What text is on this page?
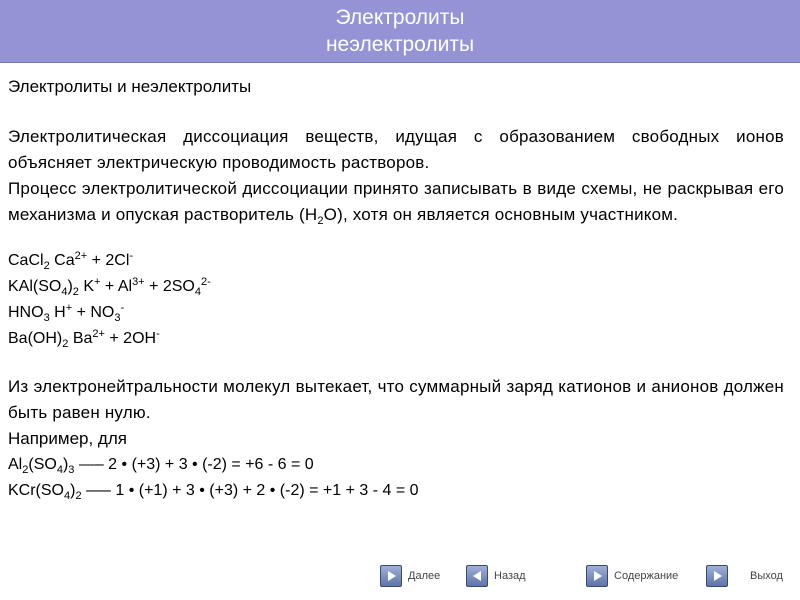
Электролиты
неэлектролиты
Электролиты и неэлектролиты
Электролитическая диссоциация веществ, идущая с образованием свободных ионов объясняет электрическую проводимость растворов.
Процесс электролитической диссоциации принято записывать в виде схемы, не раскрывая его механизма и опуская растворитель $(H_2O)$, хотя он является основным участником.
CaCl$_2$ $Ca^{2+} + 2Cl^-$
$KAl(SO_4)_2$ $K^+ + Al^{3+} + 2SO_4^{2-}$
$HNO_3$ $H^+ + NO_3^-$
$Ba(OH)_2$ $Ba^{2+} + 2OH^-$
Из электронейтральности молекул вытекает, что суммарный заряд катионов и анионов должен быть равен нулю.
Например, для
$Al_2(SO_4)_3$ —– 2 • (+3) + 3 • (-2) = +6 - 6 = 0
$KCr(SO_4)_2$ —– 1 • (+1) + 3 • (+3) + 2 • (-2) = +1 + 3 - 4 = 0
Далее	Назад	Содержание	Выход
